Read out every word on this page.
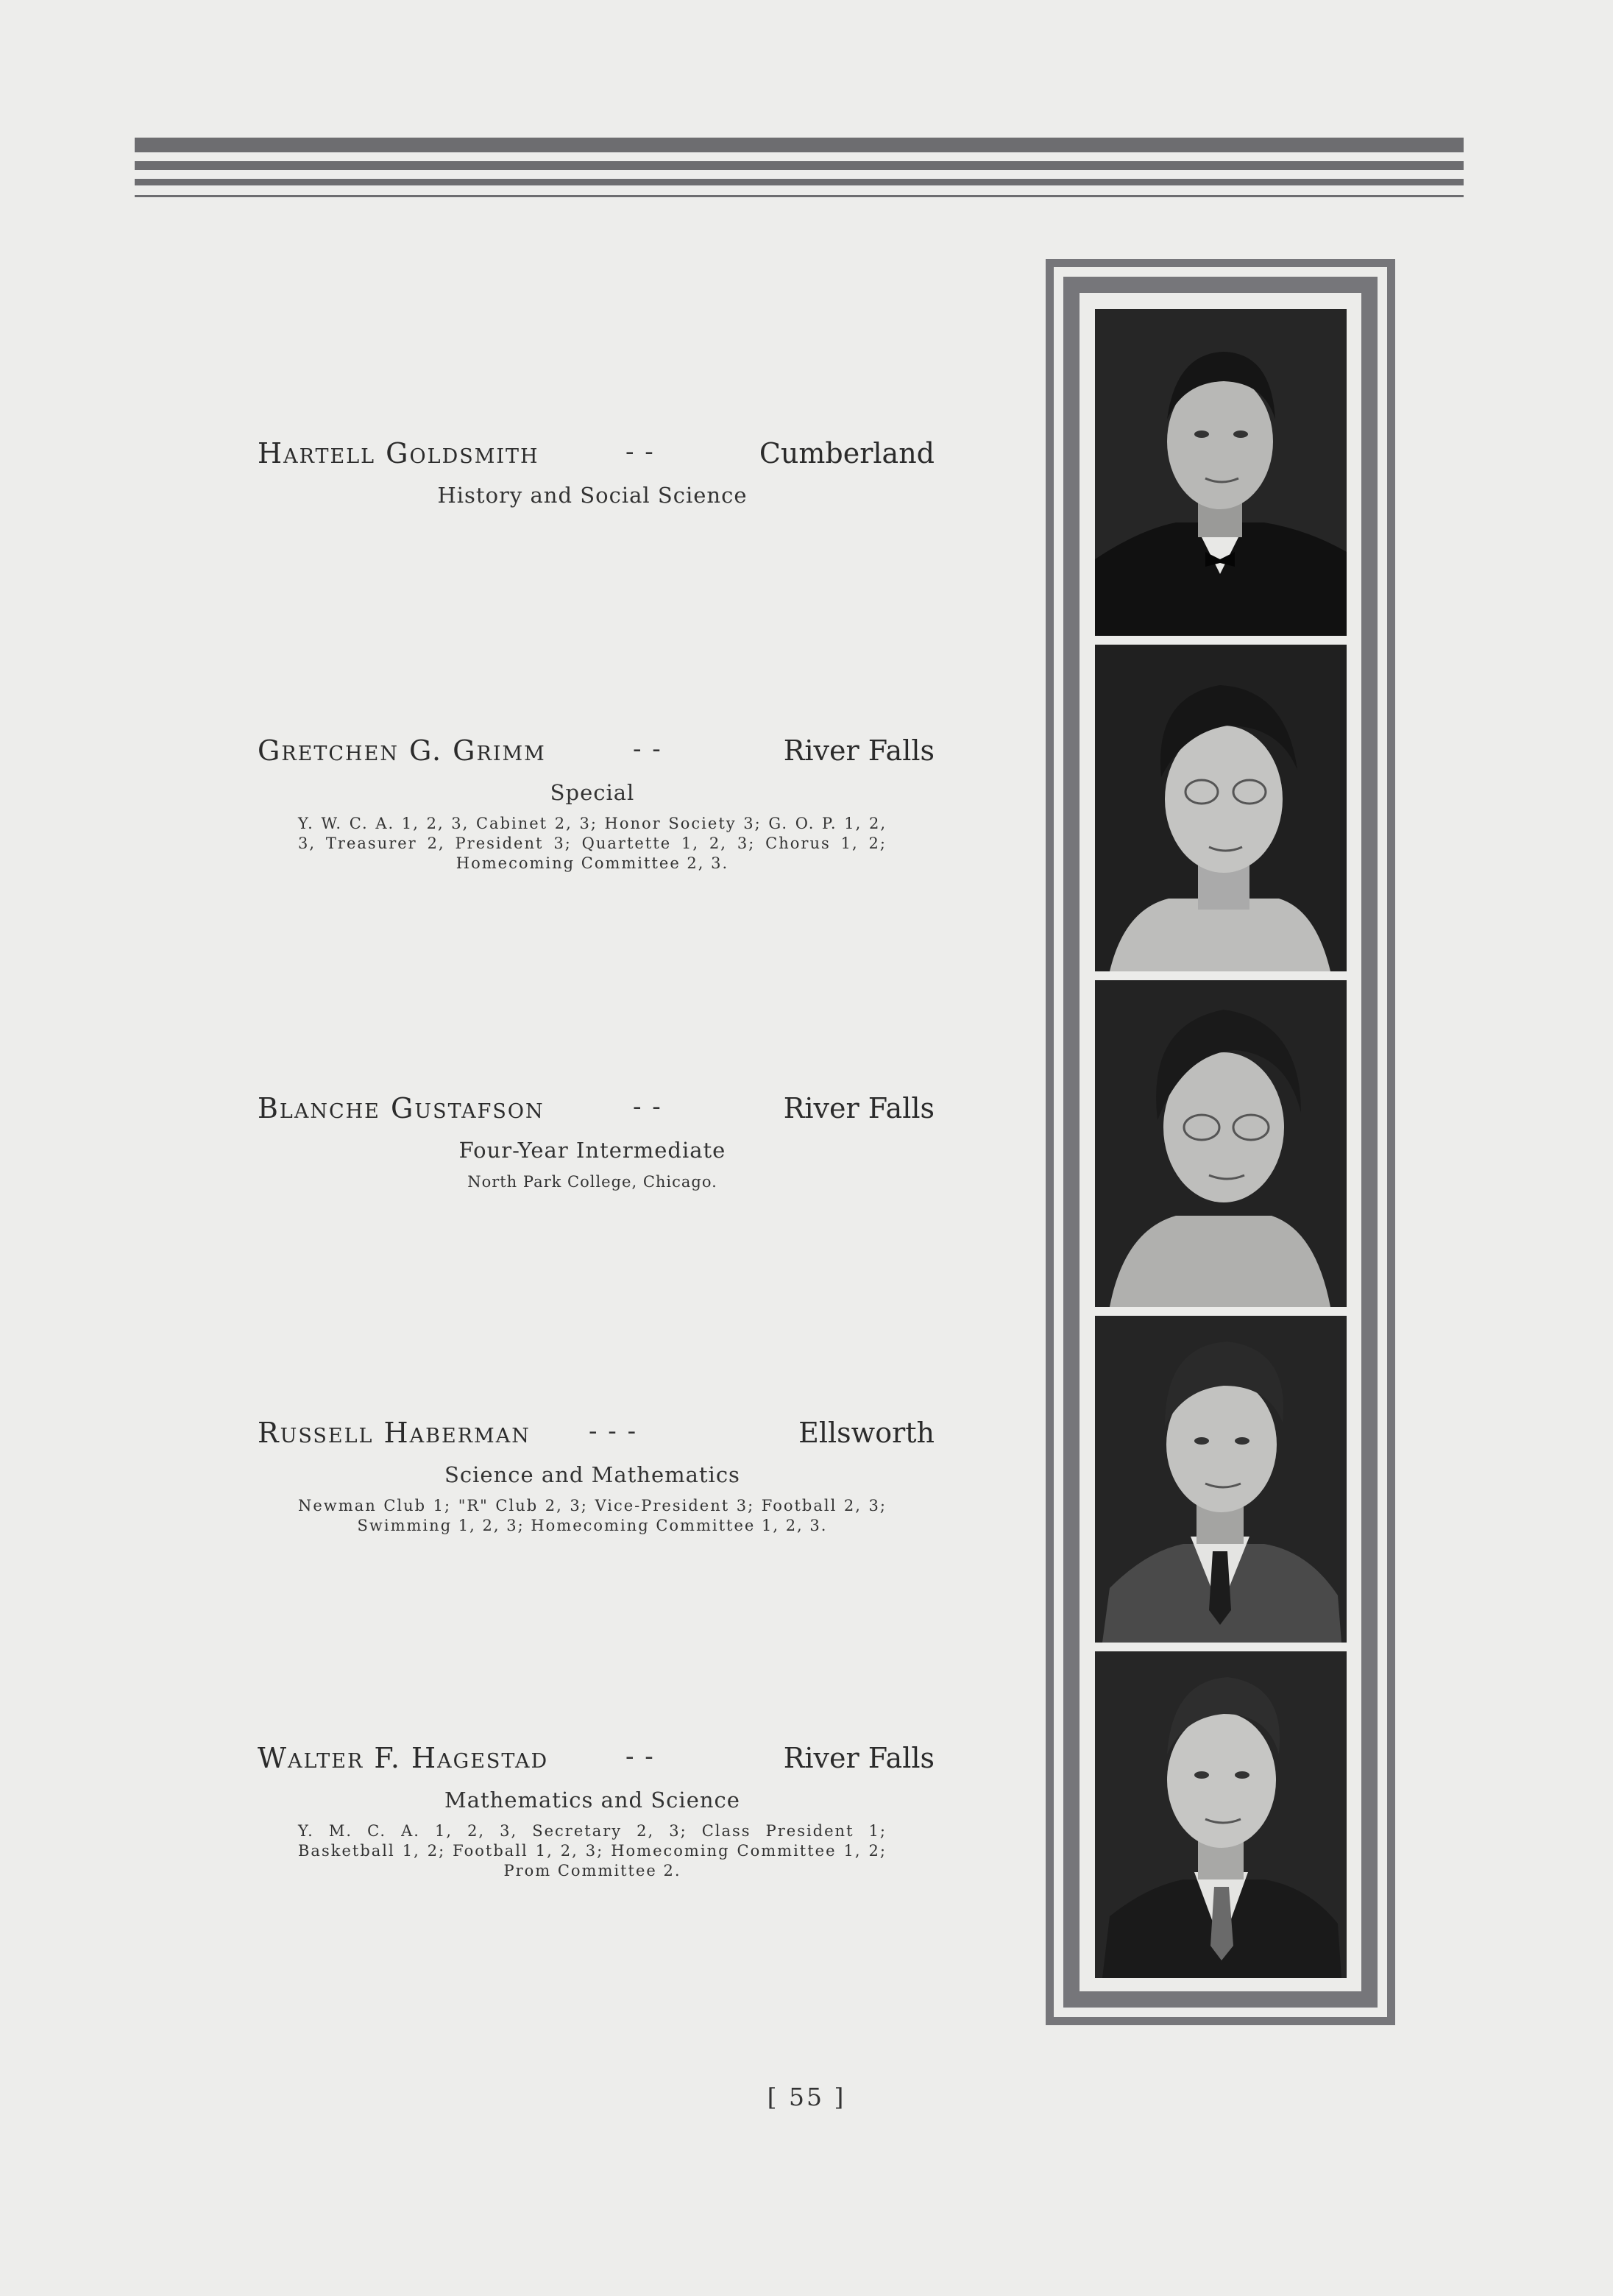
Hartell Goldsmith	- -	Cumberland
History and Social Science
Gretchen G. Grimm	- -	River Falls
Special
Y. W. C. A. 1, 2, 3, Cabinet 2, 3; Honor Society 3; G. O. P. 1, 2, 3, Treasurer 2, President 3; Quartette 1, 2, 3; Chorus 1, 2; Homecoming Committee 2, 3.
Blanche Gustafson	- -	River Falls
Four-Year Intermediate
North Park College, Chicago.
Russell Haberman - - -	Ellsworth
Science and Mathematics
Newman Club 1; "R" Club 2, 3; Vice-President 3; Football 2, 3; Swimming 1, 2, 3; Homecoming Committee 1, 2, 3.
Walter F. Hagestad	- -	River Falls
Mathematics and Science
Y. M. C. A. 1, 2, 3, Secretary 2, 3; Class President 1; Basketball 1, 2; Football 1, 2, 3; Homecoming Committee 1, 2; Prom Committee 2.
[ 55 ]
